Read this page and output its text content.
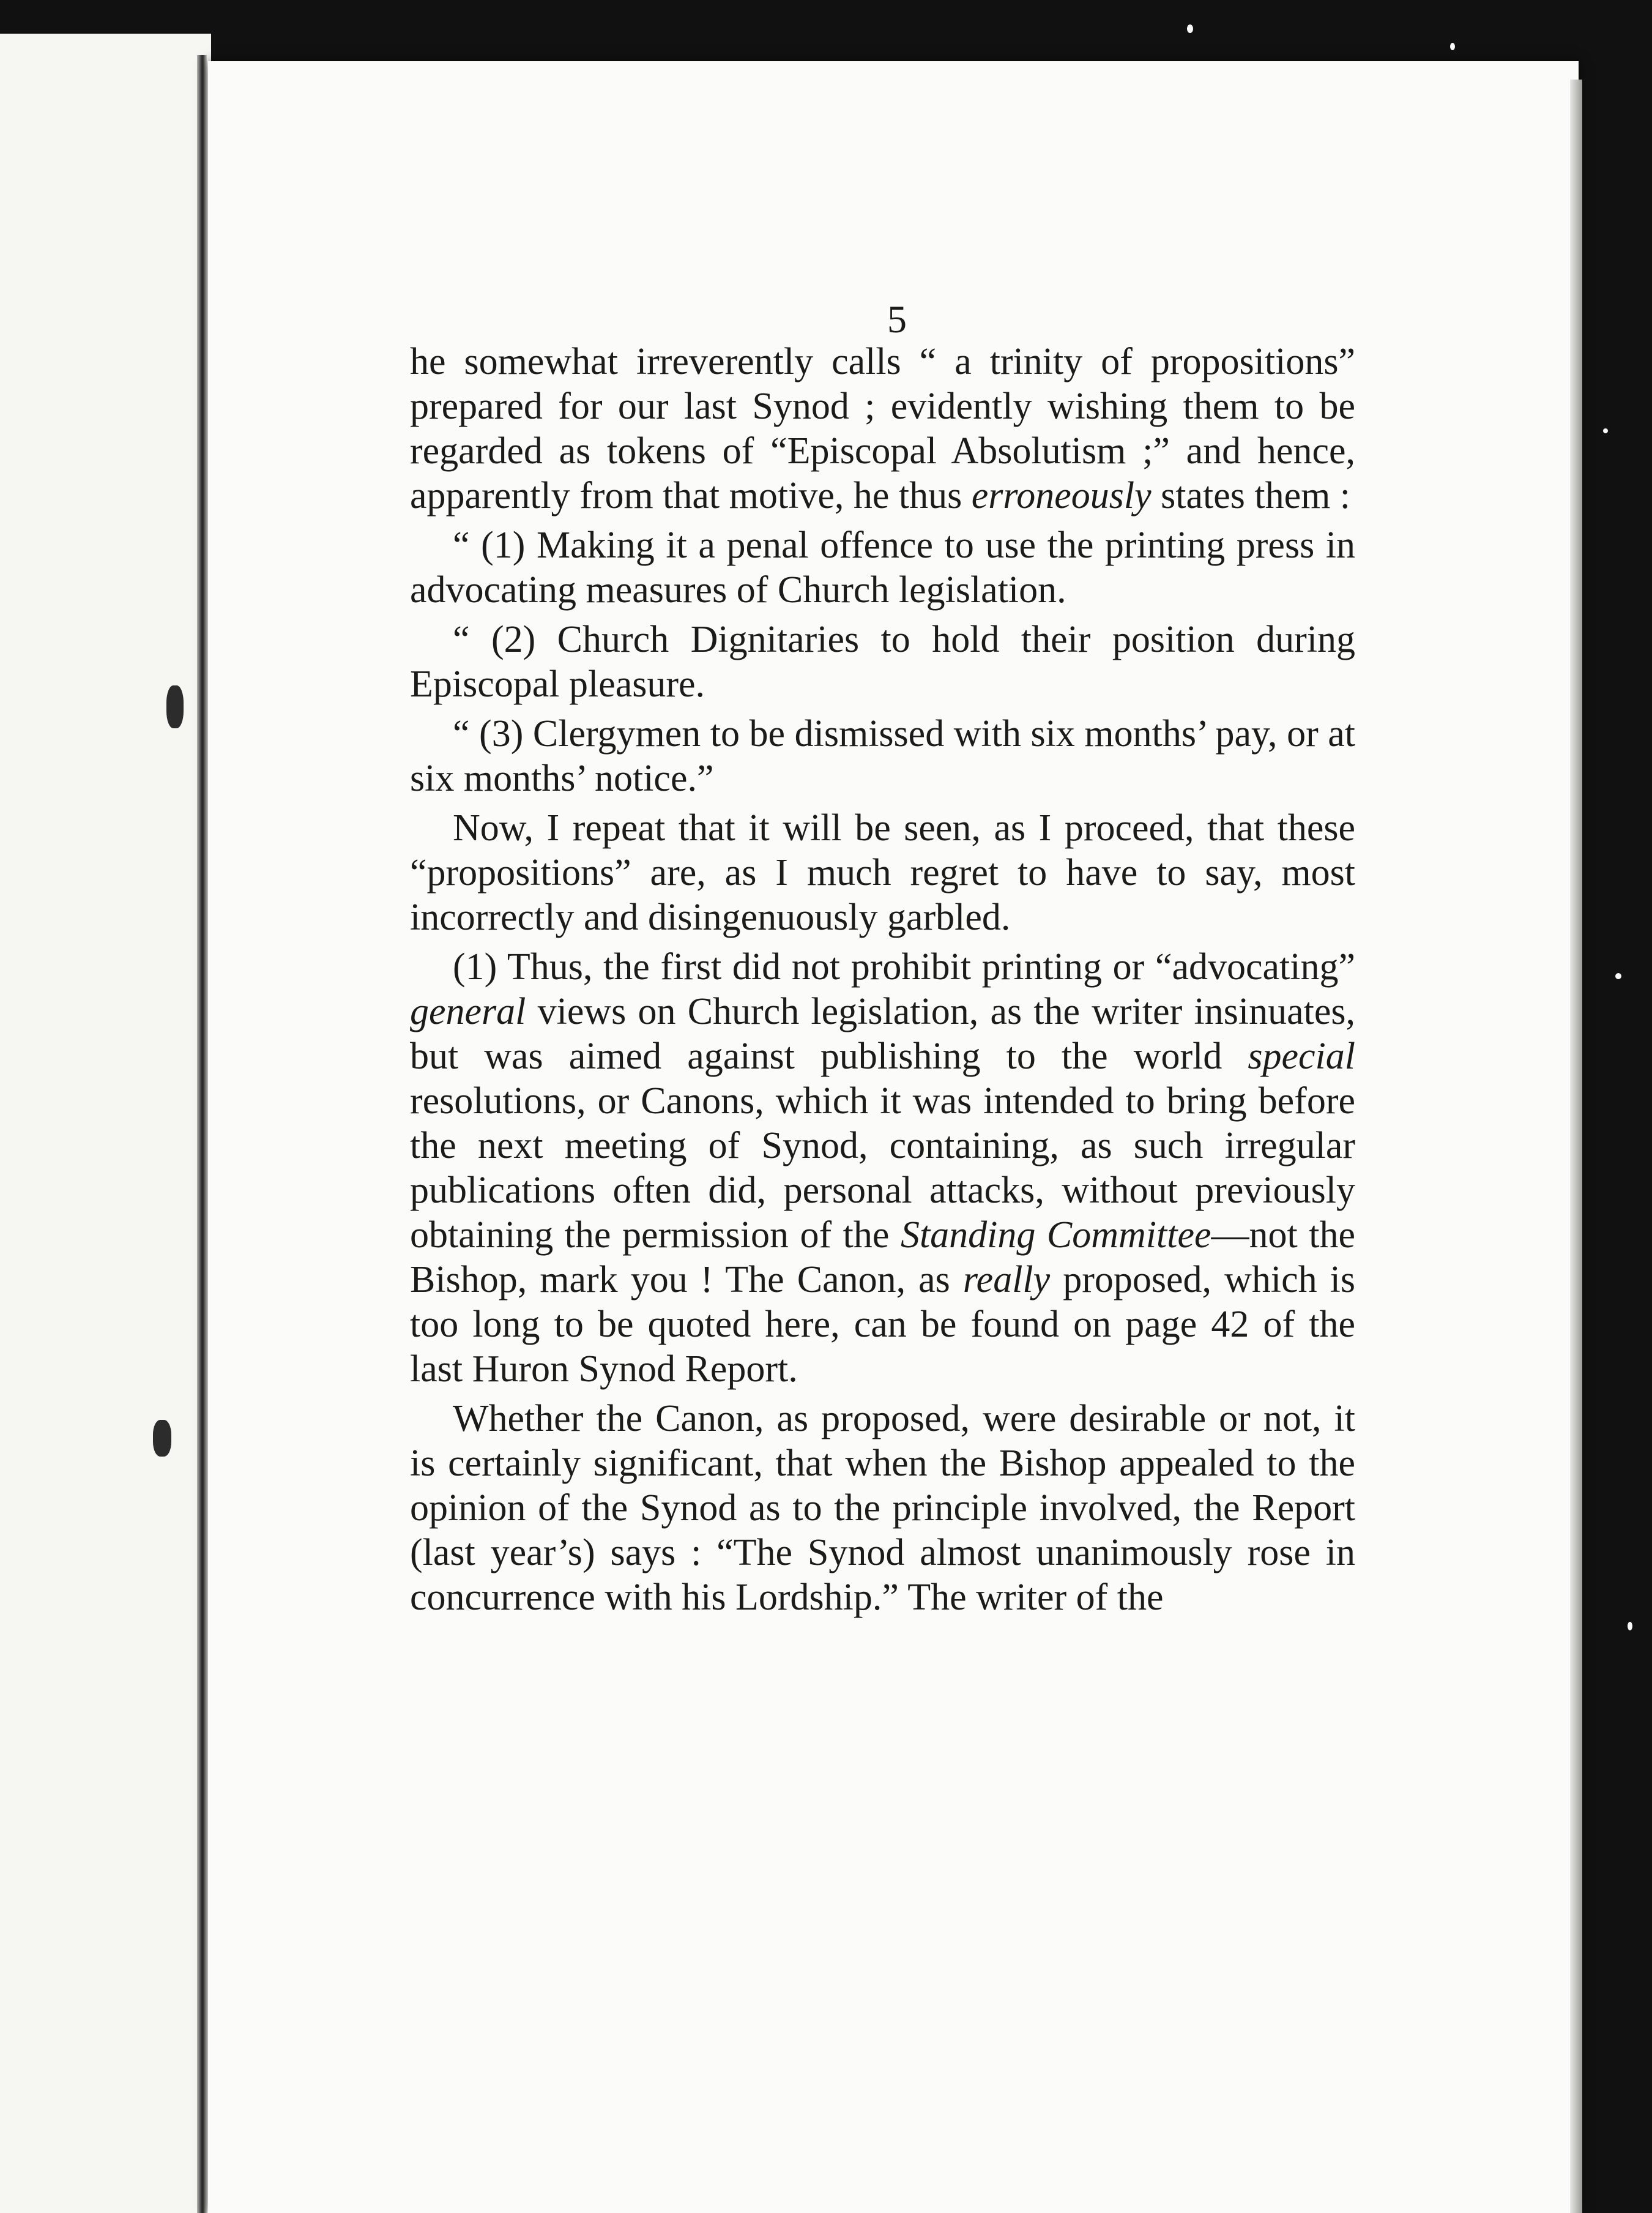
5

he somewhat irreverently calls “ a trinity of propositions” prepared for our last Synod ; evidently wishing them to be regarded as tokens of “Episcopal Absolutism ;” and hence, apparently from that motive, he thus erroneously states them :

“ (1) Making it a penal offence to use the printing press in advocating measures of Church legislation.

“ (2) Church Dignitaries to hold their position during Episcopal pleasure.

“ (3) Clergymen to be dismissed with six months’ pay, or at six months’ notice.”

Now, I repeat that it will be seen, as I proceed, that these “propositions” are, as I much regret to have to say, most incorrectly and disingenuously garbled.

(1) Thus, the first did not prohibit printing or “advocating” general views on Church legislation, as the writer insinuates, but was aimed against publishing to the world special resolutions, or Canons, which it was intended to bring before the next meeting of Synod, containing, as such irregular publications often did, personal attacks, without previously obtaining the permission of the Standing Committee—not the Bishop, mark you ! The Canon, as really proposed, which is too long to be quoted here, can be found on page 42 of the last Huron Synod Report.

Whether the Canon, as proposed, were desirable or not, it is certainly significant, that when the Bishop appealed to the opinion of the Synod as to the principle involved, the Report (last year’s) says : “The Synod almost unanimously rose in concurrence with his Lordship.” The writer of the
